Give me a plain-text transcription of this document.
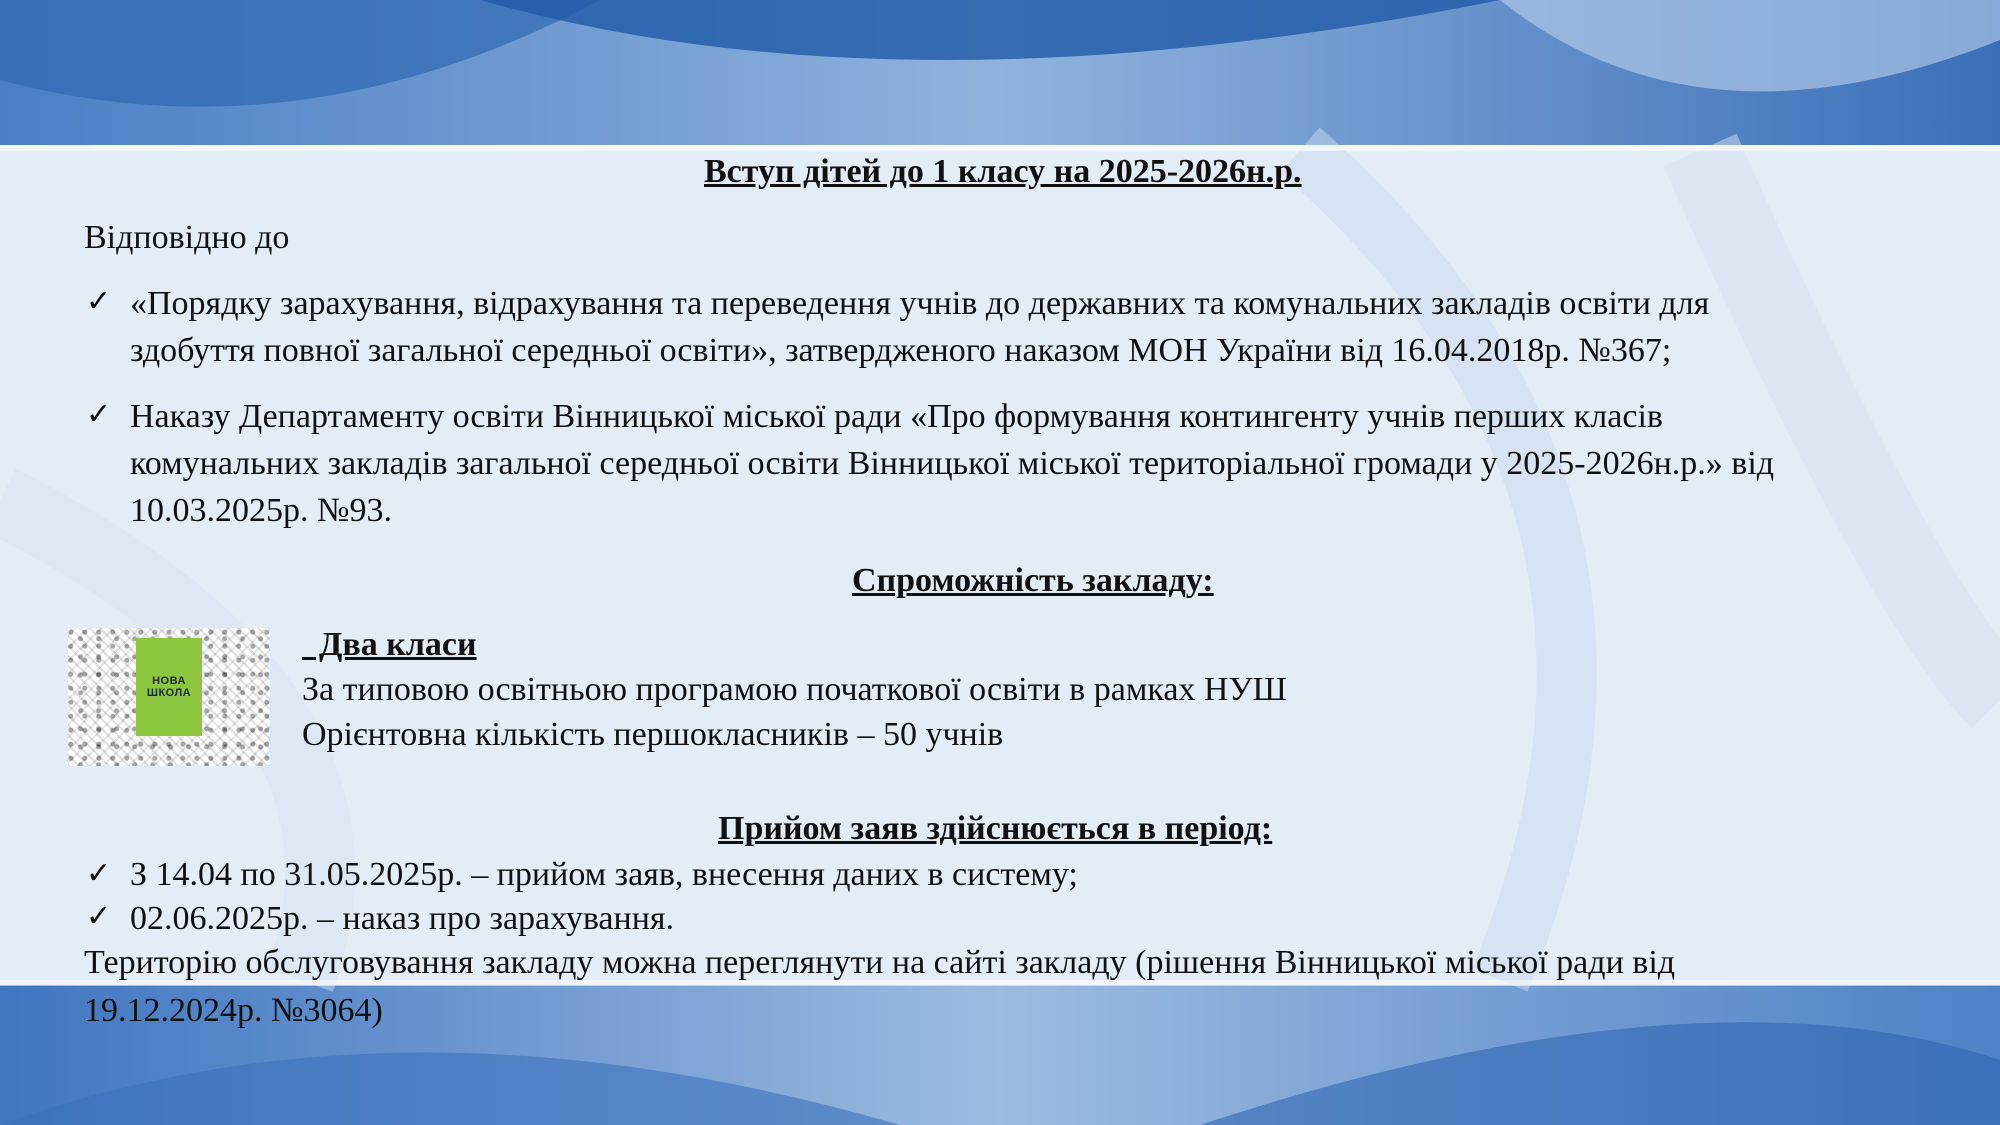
Вступ дітей до 1 класу на 2025-2026н.р.
Відповідно до
✓ «Порядку зарахування, відрахування та переведення учнів до державних та комунальних закладів освіти для
здобуття повної загальної середньої освіти», затвердженого наказом МОН України від 16.04.2018р. №367;
✓ Наказу Департаменту освіти Вінницької міської ради «Про формування контингенту учнів перших класів
комунальних закладів загальної середньої освіти Вінницької міської територіальної громади у 2025-2026н.р.» від
10.03.2025р. №93.
Спроможність закладу:
НОВА
ШКОЛА
Два класи
За типовою освітньою програмою початкової освіти в рамках НУШ
Орієнтовна кількість першокласників – 50 учнів
Прийом заяв здійснюється в період:
✓ З 14.04 по 31.05.2025р. – прийом заяв, внесення даних в систему;
✓ 02.06.2025р. – наказ про зарахування.
Територію обслуговування закладу можна переглянути на сайті закладу (рішення Вінницької міської ради від
19.12.2024р. №3064)
